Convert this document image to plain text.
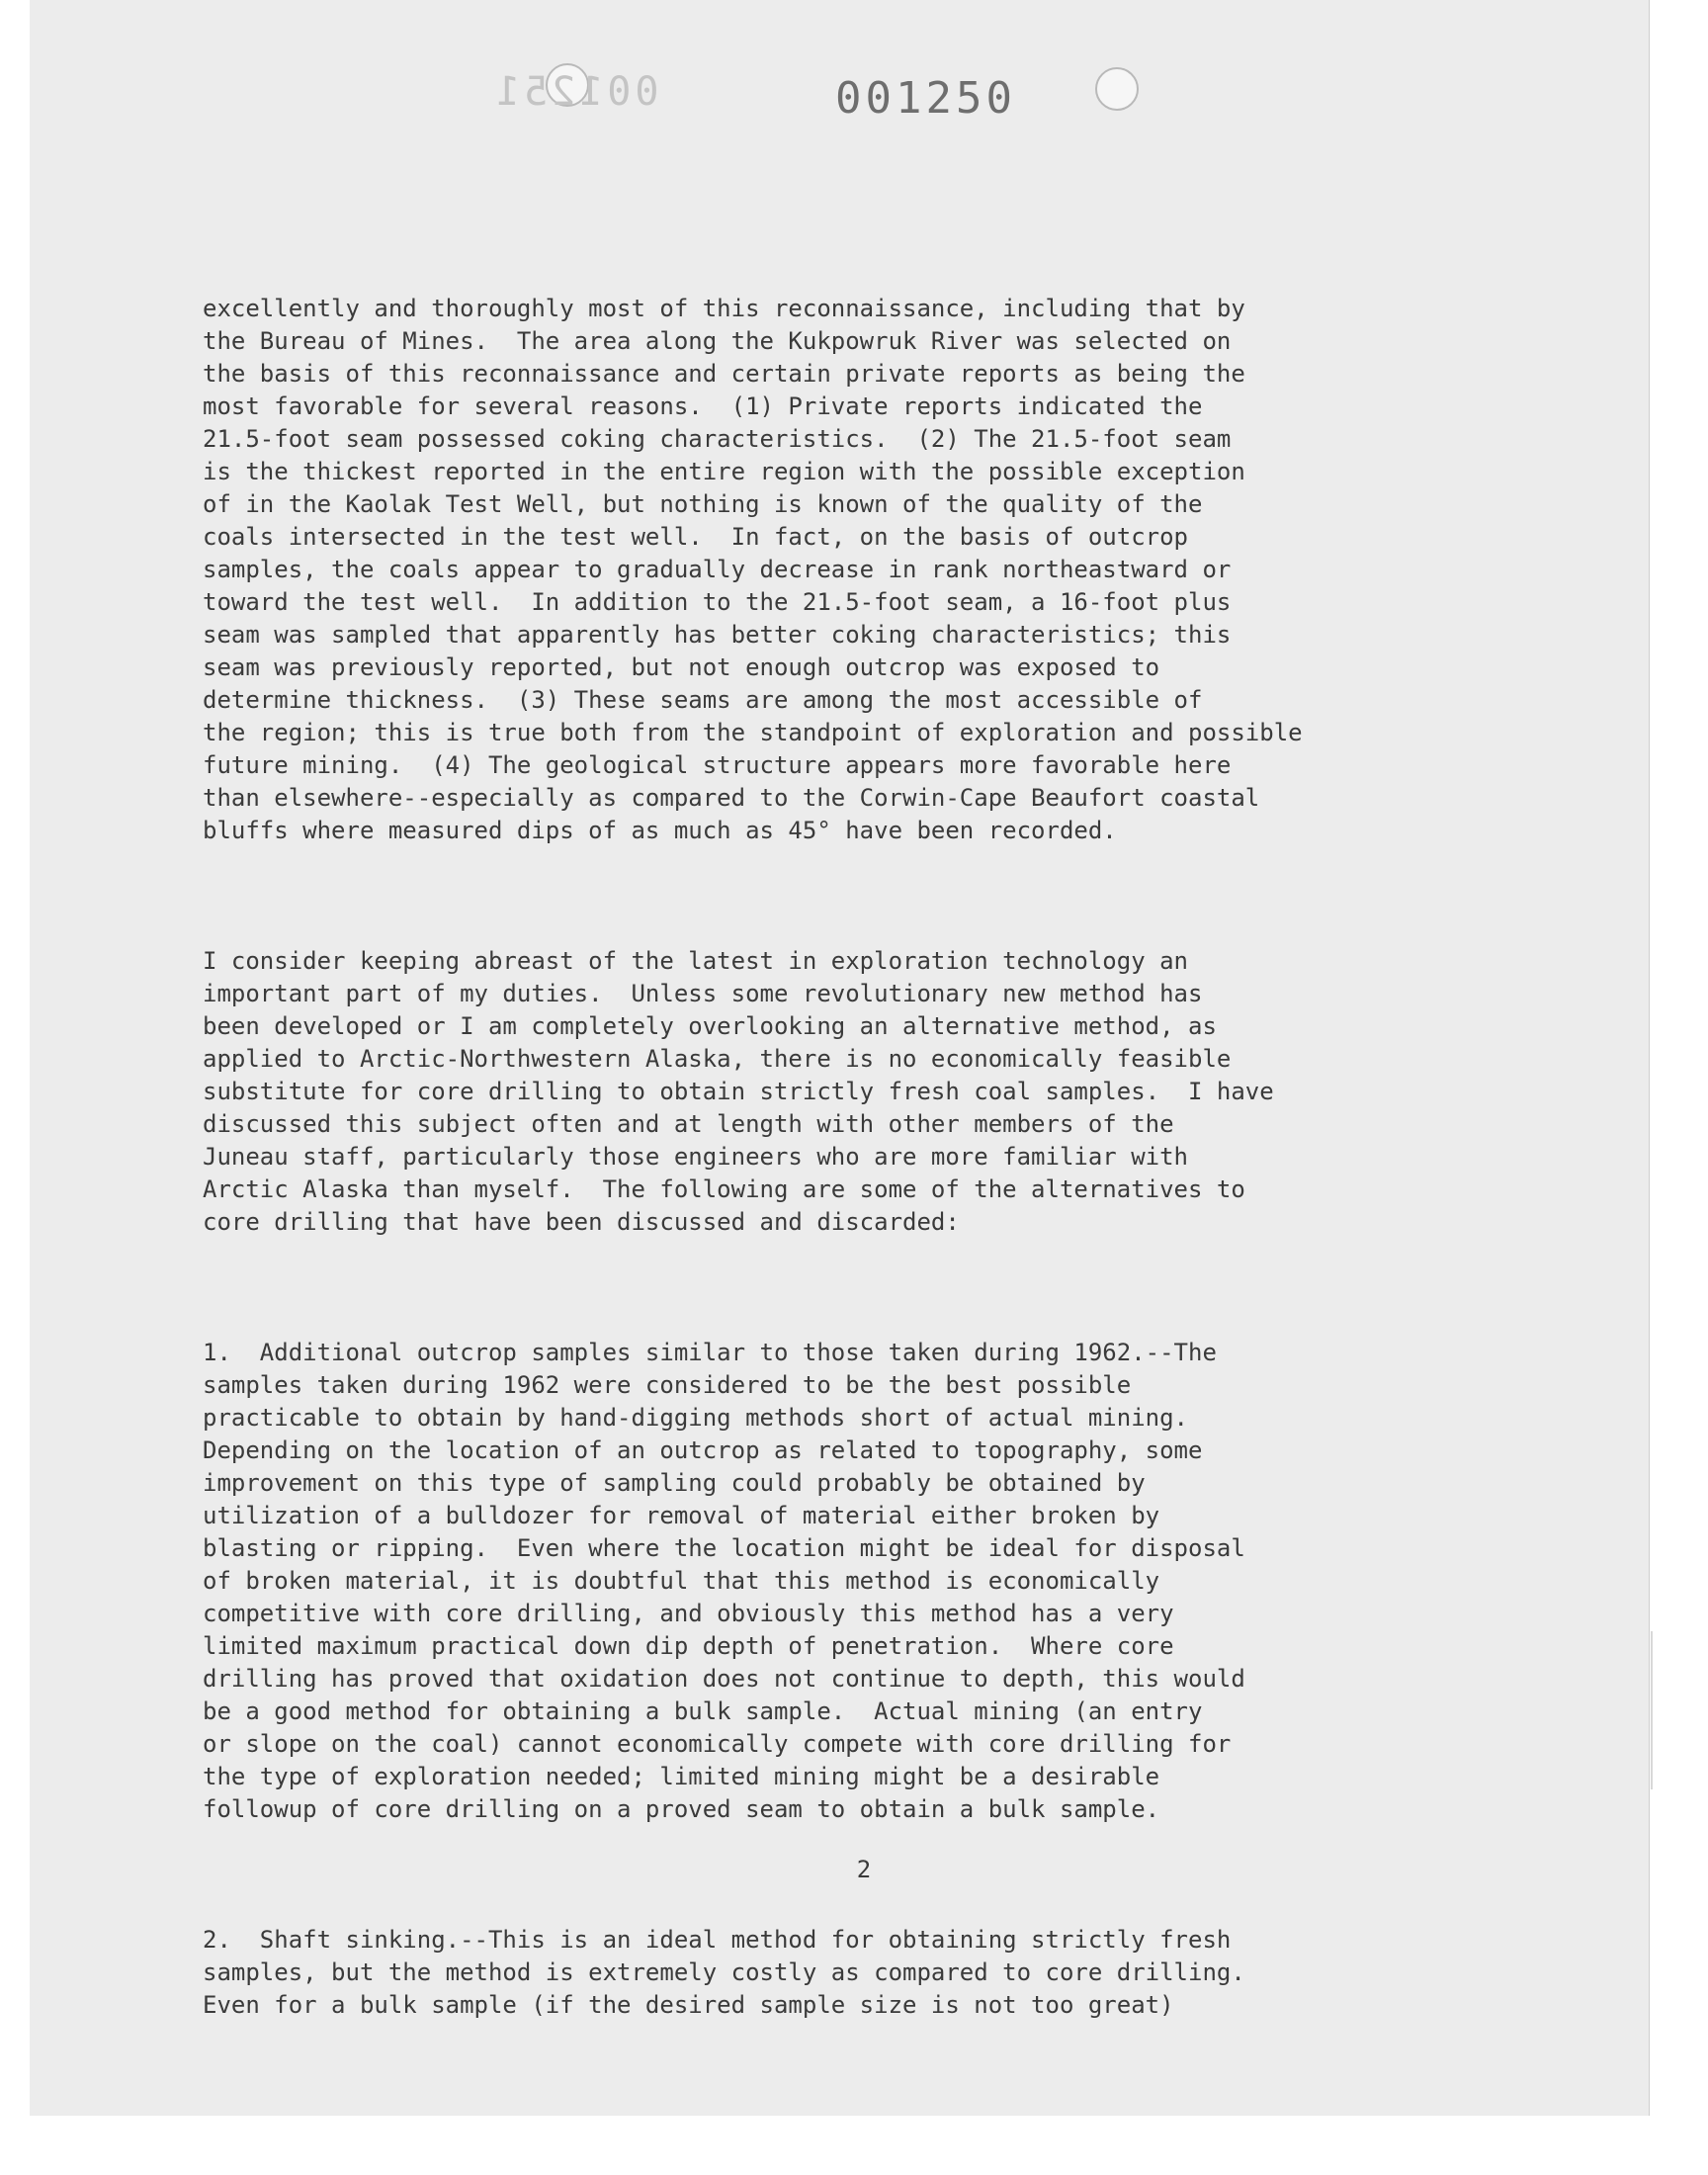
001251	001250

excellently and thoroughly most of this reconnaissance, including that by
the Bureau of Mines.  The area along the Kukpowruk River was selected on
the basis of this reconnaissance and certain private reports as being the
most favorable for several reasons.  (1) Private reports indicated the
21.5-foot seam possessed coking characteristics.  (2) The 21.5-foot seam
is the thickest reported in the entire region with the possible exception
of in the Kaolak Test Well, but nothing is known of the quality of the
coals intersected in the test well.  In fact, on the basis of outcrop
samples, the coals appear to gradually decrease in rank northeastward or
toward the test well.  In addition to the 21.5-foot seam, a 16-foot plus
seam was sampled that apparently has better coking characteristics; this
seam was previously reported, but not enough outcrop was exposed to
determine thickness.  (3) These seams are among the most accessible of
the region; this is true both from the standpoint of exploration and possible
future mining.  (4) The geological structure appears more favorable here
than elsewhere--especially as compared to the Corwin-Cape Beaufort coastal
bluffs where measured dips of as much as 45° have been recorded.

I consider keeping abreast of the latest in exploration technology an
important part of my duties.  Unless some revolutionary new method has
been developed or I am completely overlooking an alternative method, as
applied to Arctic-Northwestern Alaska, there is no economically feasible
substitute for core drilling to obtain strictly fresh coal samples.  I have
discussed this subject often and at length with other members of the
Juneau staff, particularly those engineers who are more familiar with
Arctic Alaska than myself.  The following are some of the alternatives to
core drilling that have been discussed and discarded:

1.  Additional outcrop samples similar to those taken during 1962.--The
samples taken during 1962 were considered to be the best possible
practicable to obtain by hand-digging methods short of actual mining.
Depending on the location of an outcrop as related to topography, some
improvement on this type of sampling could probably be obtained by
utilization of a bulldozer for removal of material either broken by
blasting or ripping.  Even where the location might be ideal for disposal
of broken material, it is doubtful that this method is economically
competitive with core drilling, and obviously this method has a very
limited maximum practical down dip depth of penetration.  Where core
drilling has proved that oxidation does not continue to depth, this would
be a good method for obtaining a bulk sample.  Actual mining (an entry
or slope on the coal) cannot economically compete with core drilling for
the type of exploration needed; limited mining might be a desirable
followup of core drilling on a proved seam to obtain a bulk sample.

2.  Shaft sinking.--This is an ideal method for obtaining strictly fresh
samples, but the method is extremely costly as compared to core drilling.
Even for a bulk sample (if the desired sample size is not too great)

2
